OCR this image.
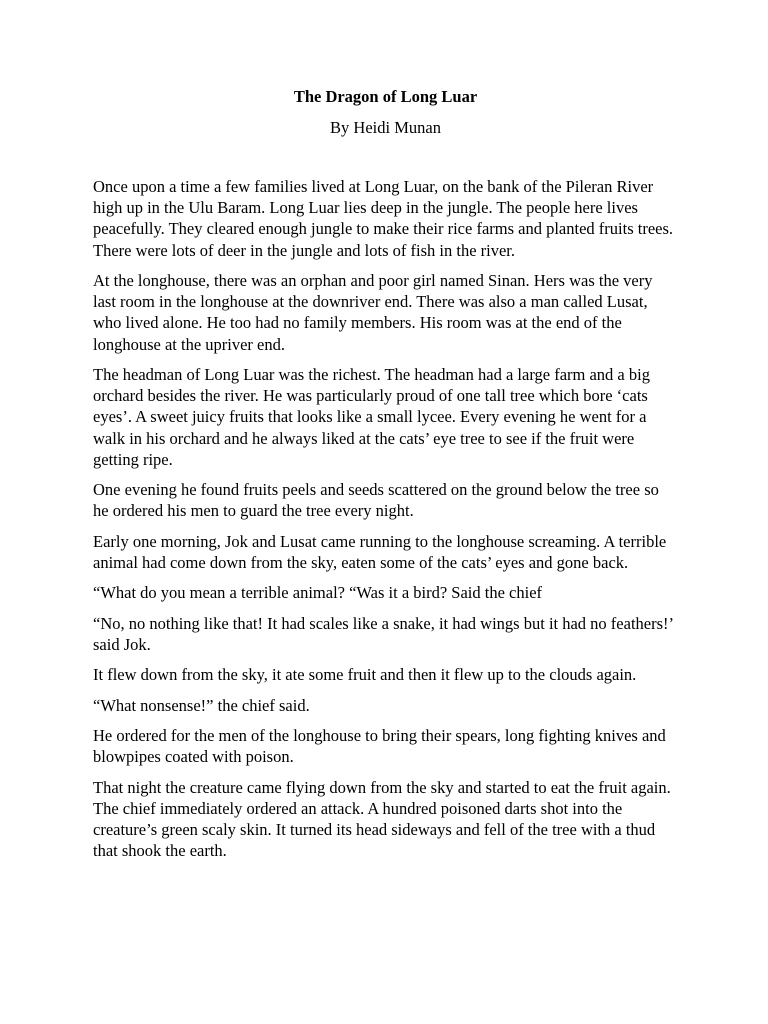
The Dragon of Long Luar
By Heidi Munan

Once upon a time a few families lived at Long Luar, on the bank of the Pileran River high up in the Ulu Baram. Long Luar lies deep in the jungle. The people here lives peacefully. They cleared enough jungle to make their rice farms and planted fruits trees. There were lots of deer in the jungle and lots of fish in the river.

At the longhouse, there was an orphan and poor girl named Sinan. Hers was the very last room in the longhouse at the downriver end. There was also a man called Lusat, who lived alone. He too had no family members. His room was at the end of the longhouse at the upriver end.

The headman of Long Luar was the richest. The headman had a large farm and a big orchard besides the river. He was particularly proud of one tall tree which bore ‘cats eyes’. A sweet juicy fruits that looks like a small lycee. Every evening he went for a walk in his orchard and he always liked at the cats’ eye tree to see if the fruit were getting ripe.

One evening he found fruits peels and seeds scattered on the ground below the tree so he ordered his men to guard the tree every night.

Early one morning, Jok and Lusat came running to the longhouse screaming. A terrible animal had come down from the sky, eaten some of the cats’ eyes and gone back.

“What do you mean a terrible animal? “Was it a bird? Said the chief

“No, no nothing like that! It had scales like a snake, it had wings but it had no feathers!’ said Jok.

It flew down from the sky, it ate some fruit and then it flew up to the clouds again.

“What nonsense!” the chief said.

He ordered for the men of the longhouse to bring their spears, long fighting knives and blowpipes coated with poison.

That night the creature came flying down from the sky and started to eat the fruit again. The chief immediately ordered an attack. A hundred poisoned darts shot into the creature’s green scaly skin. It turned its head sideways and fell of the tree with a thud that shook the earth.
